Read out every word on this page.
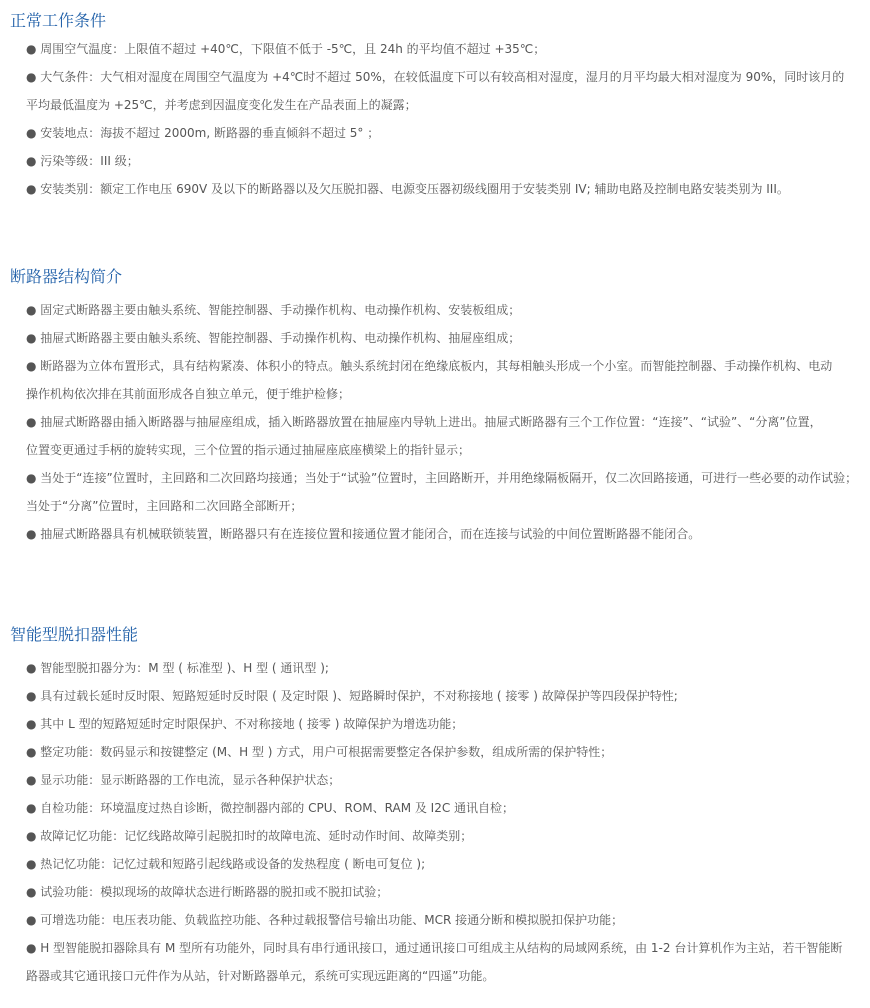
正常工作条件
● 周围空气温度：上限值不超过 +40℃，下限值不低于 -5℃，且 24h 的平均值不超过 +35℃；
● 大气条件：大气相对湿度在周围空气温度为 +4℃时不超过 50%，在较低温度下可以有较高相对湿度，湿月的月平均最大相对湿度为 90%，同时该月的
平均最低温度为 +25℃，并考虑到因温度变化发生在产品表面上的凝露；
● 安装地点：海拔不超过 2000m, 断路器的垂直倾斜不超过 5° ；
● 污染等级：III 级；
● 安装类别：额定工作电压 690V 及以下的断路器以及欠压脱扣器、电源变压器初级线圈用于安装类别 IV; 辅助电路及控制电路安装类别为 III。
断路器结构简介
● 固定式断路器主要由触头系统、智能控制器、手动操作机构、电动操作机构、安装板组成；
● 抽屉式断路器主要由触头系统、智能控制器、手动操作机构、电动操作机构、抽屉座组成；
● 断路器为立体布置形式，具有结构紧凑、体积小的特点。触头系统封闭在绝缘底板内，其每相触头形成一个小室。而智能控制器、手动操作机构、电动
操作机构依次排在其前面形成各自独立单元，便于维护检修；
● 抽屉式断路器由插入断路器与抽屉座组成，插入断路器放置在抽屉座内导轨上进出。抽屉式断路器有三个工作位置：“连接”、“试验”、“分离”位置，
位置变更通过手柄的旋转实现，三个位置的指示通过抽屉座底座横梁上的指针显示；
● 当处于“连接”位置时，主回路和二次回路均接通；当处于“试验”位置时，主回路断开，并用绝缘隔板隔开，仅二次回路接通，可进行一些必要的动作试验；
当处于“分离”位置时，主回路和二次回路全部断开；
● 抽屉式断路器具有机械联锁装置，断路器只有在连接位置和接通位置才能闭合，而在连接与试验的中间位置断路器不能闭合。
智能型脱扣器性能
● 智能型脱扣器分为：M 型 ( 标准型 )、H 型 ( 通讯型 );
● 具有过载长延时反时限、短路短延时反时限 ( 及定时限 )、短路瞬时保护，不对称接地 ( 接零 ) 故障保护等四段保护特性;
● 其中 L 型的短路短延时定时限保护、不对称接地 ( 接零 ) 故障保护为增选功能；
● 整定功能：数码显示和按键整定 (M、H 型 ) 方式，用户可根据需要整定各保护参数，组成所需的保护特性；
● 显示功能：显示断路器的工作电流，显示各种保护状态；
● 自检功能：环境温度过热自诊断，微控制器内部的 CPU、ROM、RAM 及 I2C 通讯自检；
● 故障记忆功能：记忆线路故障引起脱扣时的故障电流、延时动作时间、故障类别；
● 热记忆功能：记忆过载和短路引起线路或设备的发热程度 ( 断电可复位 );
● 试验功能：模拟现场的故障状态进行断路器的脱扣或不脱扣试验；
● 可增选功能：电压表功能、负载监控功能、各种过载报警信号输出功能、MCR 接通分断和模拟脱扣保护功能；
● H 型智能脱扣器除具有 M 型所有功能外，同时具有串行通讯接口，通过通讯接口可组成主从结构的局域网系统，由 1-2 台计算机作为主站，若干智能断
路器或其它通讯接口元件作为从站，针对断路器单元，系统可实现远距离的“四遥”功能。
